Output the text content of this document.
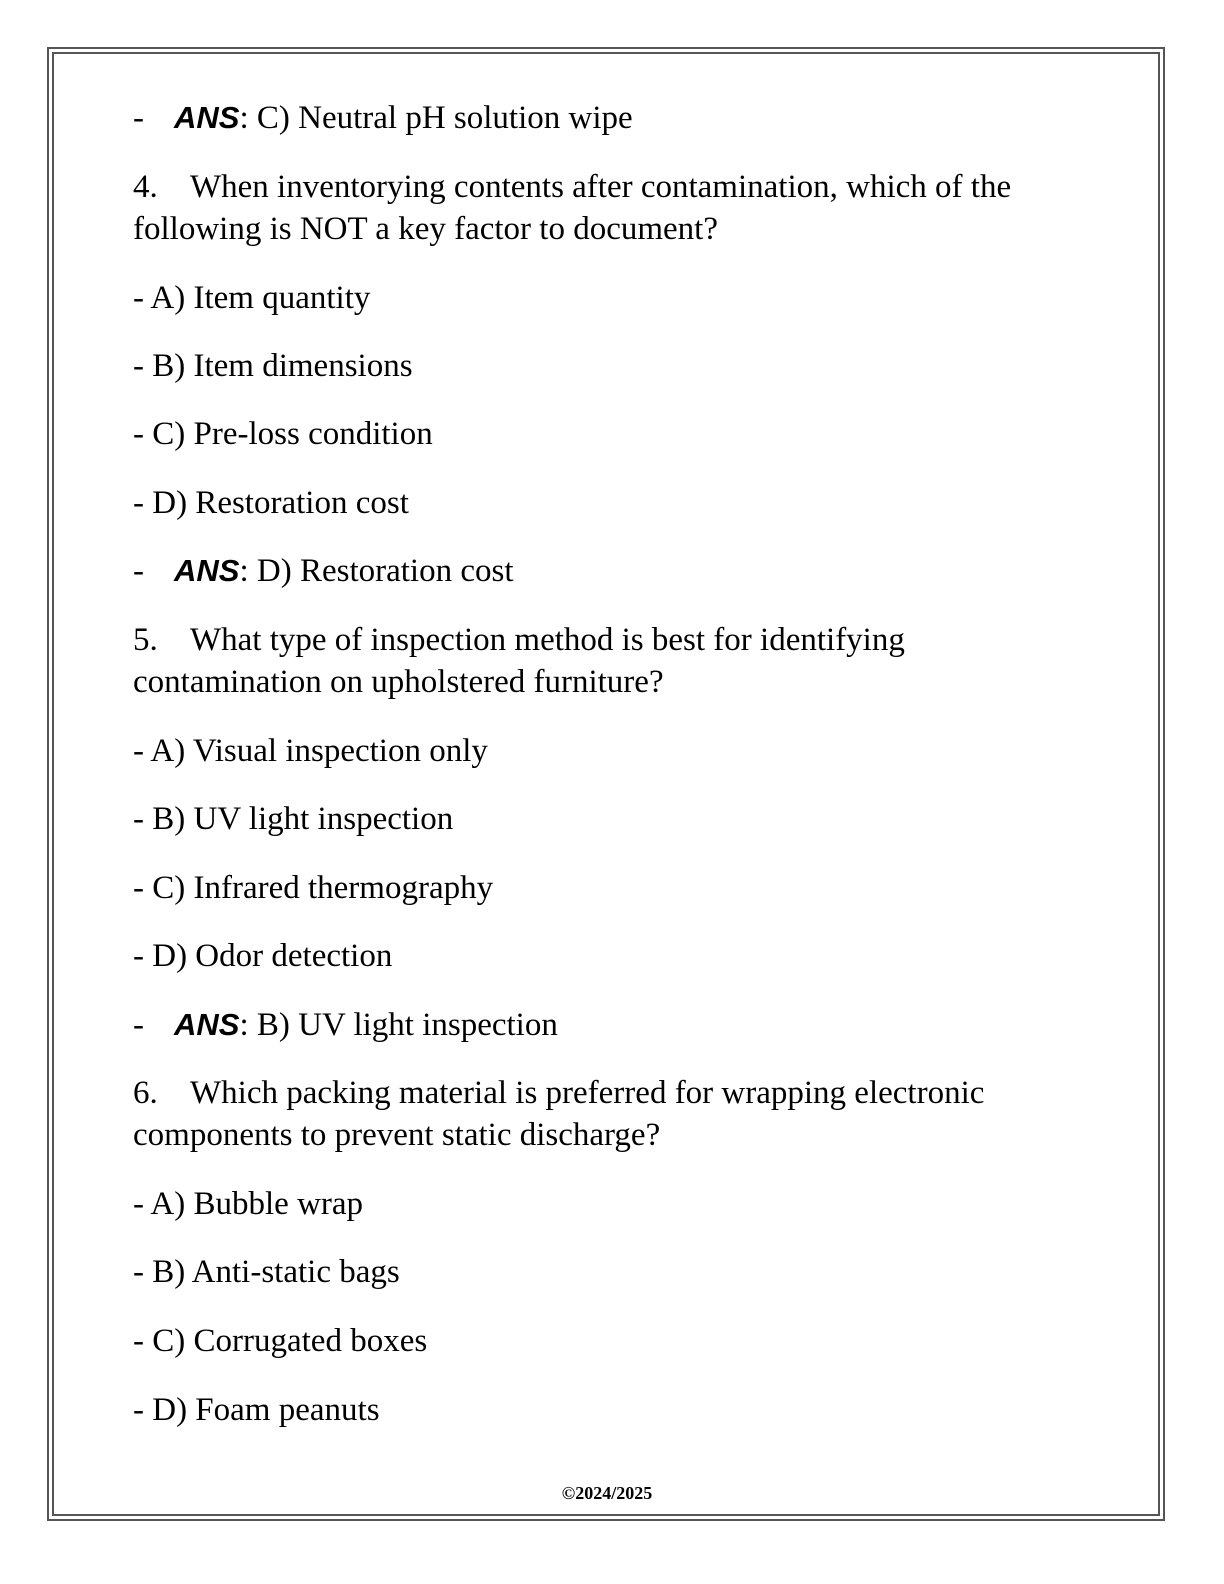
- ANS: C) Neutral pH solution wipe
4. When inventorying contents after contamination, which of the
following is NOT a key factor to document?
- A) Item quantity
- B) Item dimensions
- C) Pre-loss condition
- D) Restoration cost
- ANS: D) Restoration cost
5. What type of inspection method is best for identifying
contamination on upholstered furniture?
- A) Visual inspection only
- B) UV light inspection
- C) Infrared thermography
- D) Odor detection
- ANS: B) UV light inspection
6. Which packing material is preferred for wrapping electronic
components to prevent static discharge?
- A) Bubble wrap
- B) Anti-static bags
- C) Corrugated boxes
- D) Foam peanuts
©2024/2025
